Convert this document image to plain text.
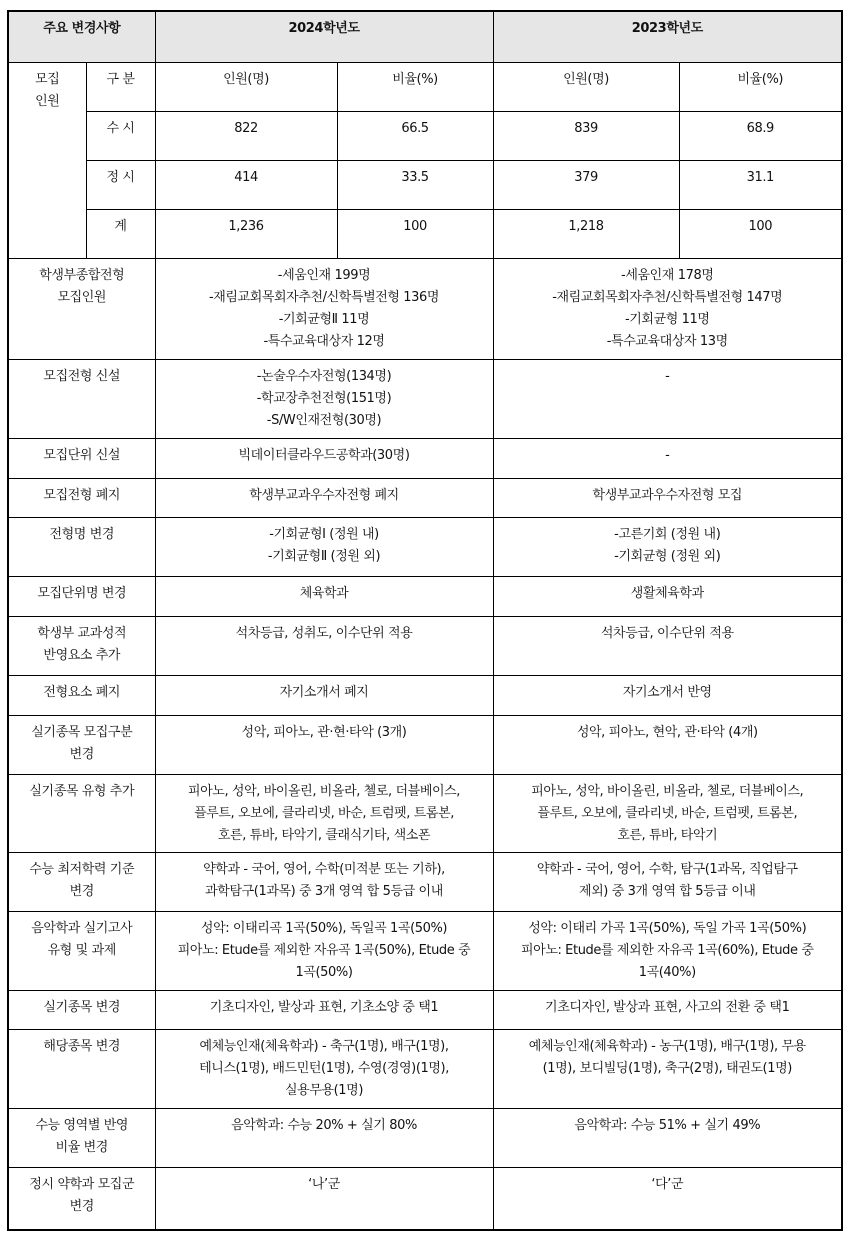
주요 변경사항		2024학년도		2023학년도	

모집
인원	구 분	인원(명)	비율(%)	인원(명)	비율(%)
	수 시	822	66.5	839	68.9
	정 시	414	33.5	379	31.1
	계	1,236	100	1,218	100

학생부종합전형
모집인원		-세움인재 199명
-재림교회목회자추천/신학특별전형 136명
-기회균형Ⅱ 11명
-특수교육대상자 12명		-세움인재 178명
-재림교회목회자추천/신학특별전형 147명
-기회균형 11명
-특수교육대상자 13명	

모집전형 신설		-논술우수자전형(134명)
-학교장추천전형(151명)
-S/W인재전형(30명)		-	

모집단위 신설		빅데이터클라우드공학과(30명)		-	

모집전형 폐지		학생부교과우수자전형 폐지		학생부교과우수자전형 모집	

전형명 변경		-기회균형Ⅰ (정원 내)
-기회균형Ⅱ (정원 외)		-고른기회 (정원 내)
-기회균형 (정원 외)	

모집단위명 변경		체육학과		생활체육학과	

학생부 교과성적
반영요소 추가		석차등급, 성취도, 이수단위 적용		석차등급, 이수단위 적용	

전형요소 폐지		자기소개서 폐지		자기소개서 반영	

실기종목 모집구분
변경		성악, 피아노, 관·현·타악 (3개)		성악, 피아노, 현악, 관·타악 (4개)	

실기종목 유형 추가		피아노, 성악, 바이올린, 비올라, 첼로, 더블베이스,
플루트, 오보에, 클라리넷, 바순, 트럼펫, 트롬본,
호른, 튜바, 타악기, 클래식기타, 색소폰		피아노, 성악, 바이올린, 비올라, 첼로, 더블베이스,
플루트, 오보에, 클라리넷, 바순, 트럼펫, 트롬본,
호른, 튜바, 타악기	

수능 최저학력 기준
변경		약학과 - 국어, 영어, 수학(미적분 또는 기하),
과학탐구(1과목) 중 3개 영역 합 5등급 이내		약학과 - 국어, 영어, 수학, 탐구(1과목, 직업탐구
제외) 중 3개 영역 합 5등급 이내	

음악학과 실기고사
유형 및 과제		성악: 이태리곡 1곡(50%), 독일곡 1곡(50%)
피아노: Etude를 제외한 자유곡 1곡(50%), Etude 중
1곡(50%)		성악: 이태리 가곡 1곡(50%), 독일 가곡 1곡(50%)
피아노: Etude를 제외한 자유곡 1곡(60%), Etude 중
1곡(40%)	

실기종목 변경		기초디자인, 발상과 표현, 기초소양 중 택1		기초디자인, 발상과 표현, 사고의 전환 중 택1	

해당종목 변경		예체능인재(체육학과) - 축구(1명), 배구(1명),
테니스(1명), 배드민턴(1명), 수영(경영)(1명),
실용무용(1명)		예체능인재(체육학과) - 농구(1명), 배구(1명), 무용
(1명), 보디빌딩(1명), 축구(2명), 태권도(1명)	

수능 영역별 반영
비율 변경		음악학과: 수능 20% + 실기 80%		음악학과: 수능 51% + 실기 49%	

정시 약학과 모집군
변경		‘나’군		‘다’군	
